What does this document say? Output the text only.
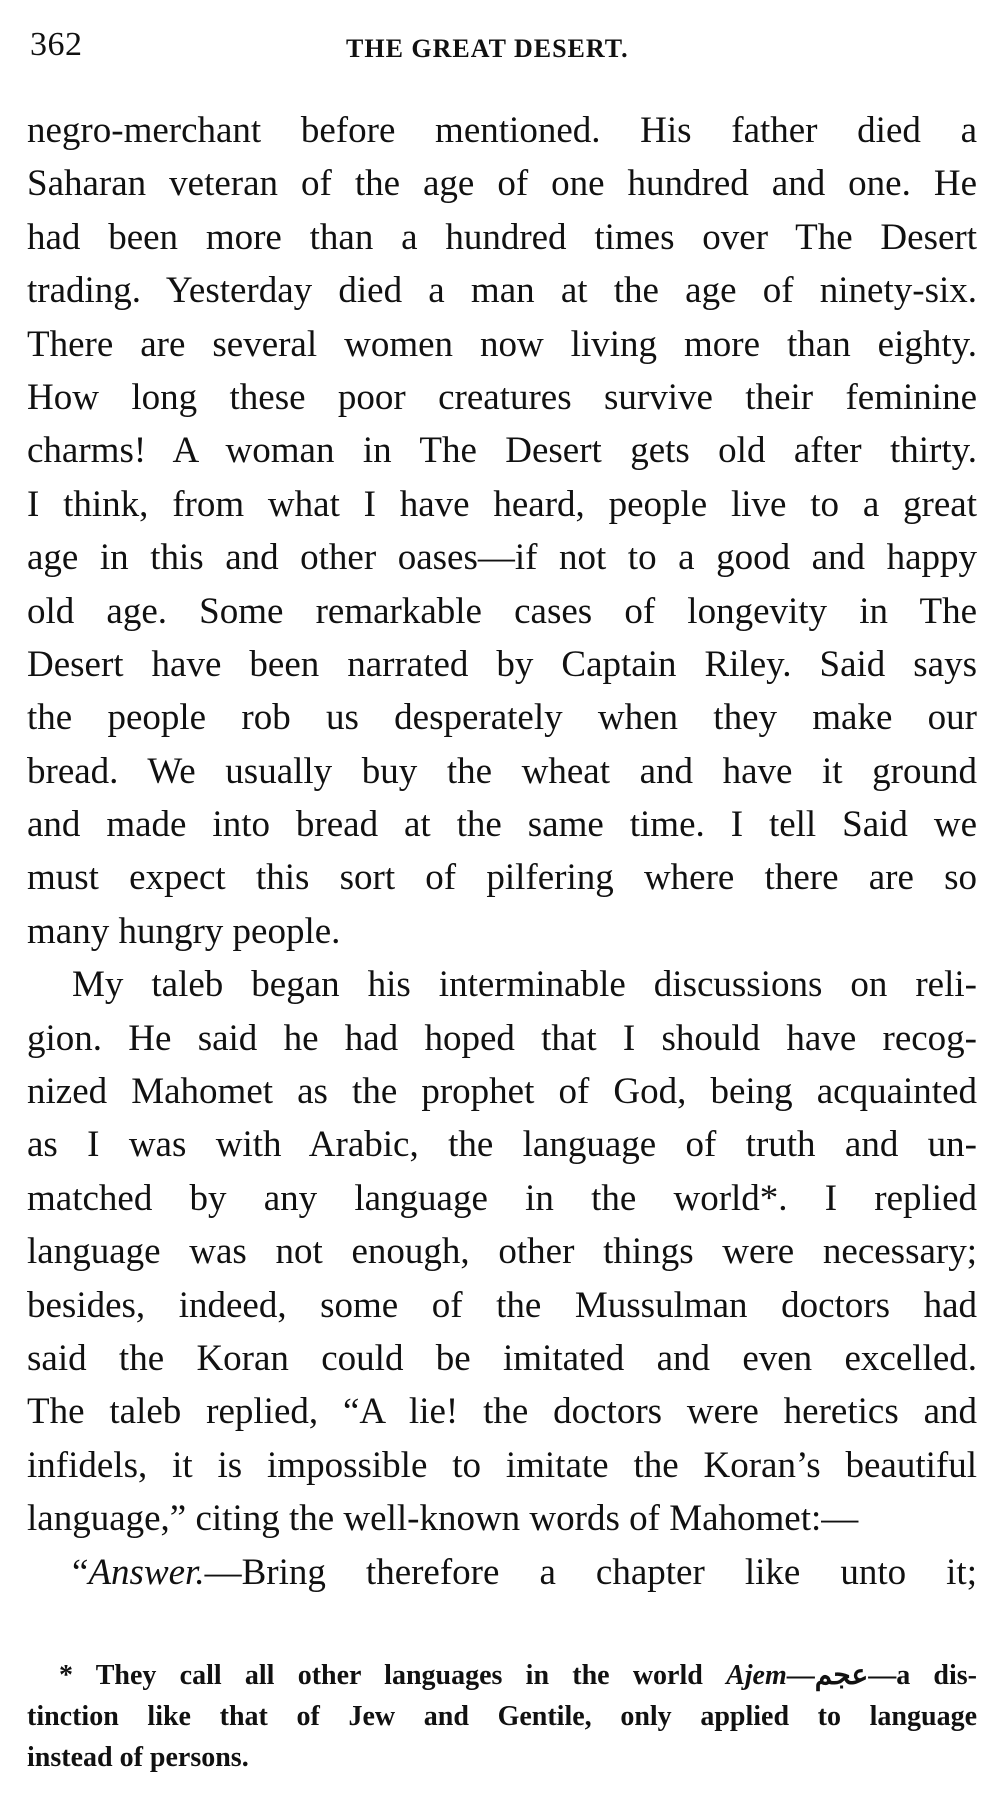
362	THE GREAT DESERT.
negro-merchant before mentioned. His father died a
Saharan veteran of the age of one hundred and one. He
had been more than a hundred times over The Desert
trading. Yesterday died a man at the age of ninety-six.
There are several women now living more than eighty.
How long these poor creatures survive their feminine
charms! A woman in The Desert gets old after thirty.
I think, from what I have heard, people live to a great
age in this and other oases—if not to a good and happy
old age. Some remarkable cases of longevity in The
Desert have been narrated by Captain Riley. Said says
the people rob us desperately when they make our
bread. We usually buy the wheat and have it ground
and made into bread at the same time. I tell Said we
must expect this sort of pilfering where there are so
many hungry people.
My taleb began his interminable discussions on reli-
gion. He said he had hoped that I should have recog-
nized Mahomet as the prophet of God, being acquainted
as I was with Arabic, the language of truth and un-
matched by any language in the world*. I replied
language was not enough, other things were necessary;
besides, indeed, some of the Mussulman doctors had
said the Koran could be imitated and even excelled.
The taleb replied, “A lie! the doctors were heretics and
infidels, it is impossible to imitate the Koran’s beautiful
language,” citing the well-known words of Mahomet:—
“Answer.—Bring therefore a chapter like unto it;
* They call all other languages in the world Ajem—عجم—a dis-
tinction like that of Jew and Gentile, only applied to language
instead of persons.
